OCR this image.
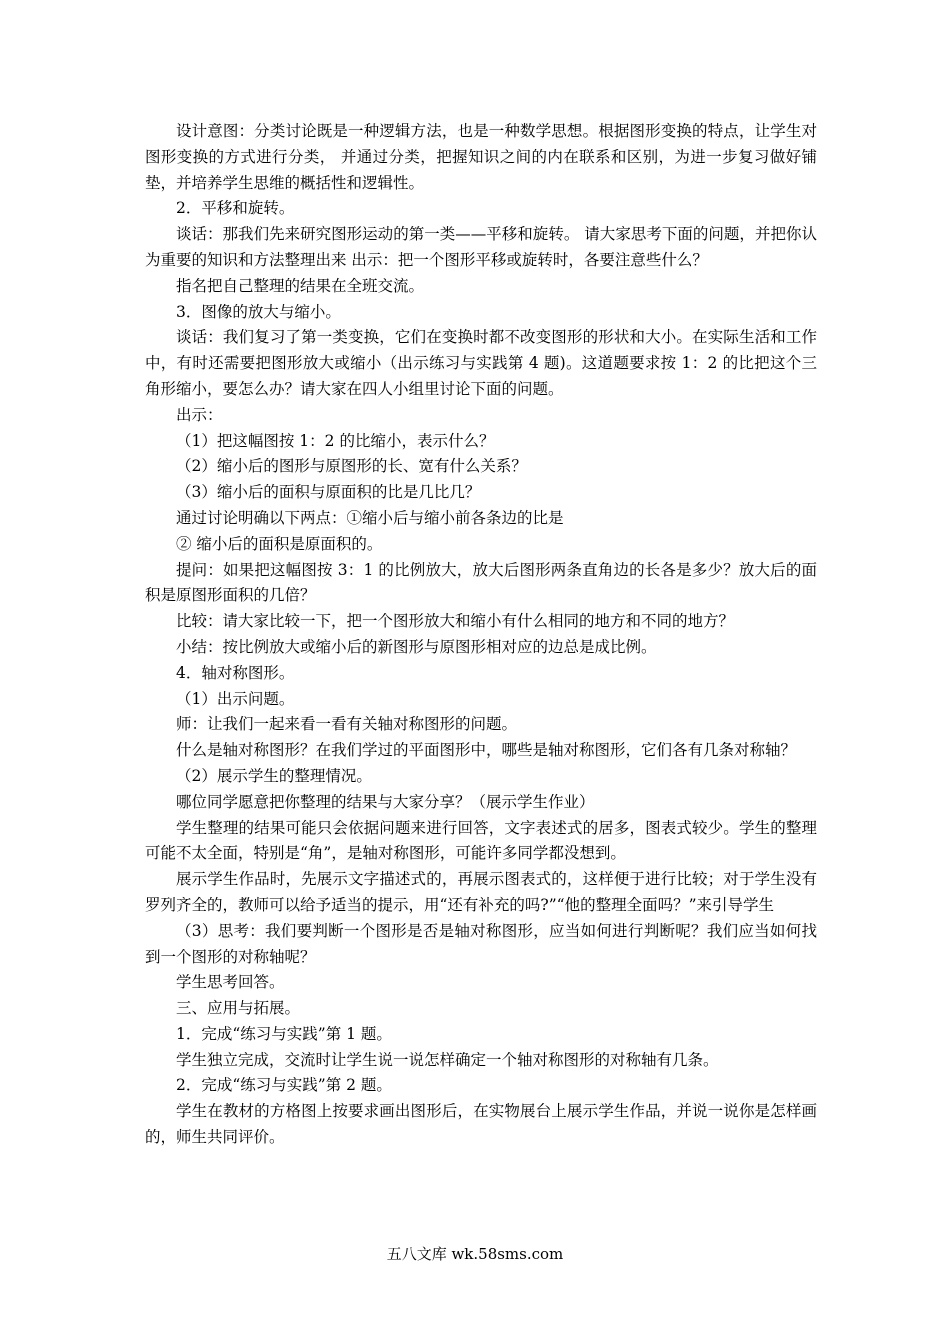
设计意图：分类讨论既是一种逻辑方法，也是一种数学思想。根据图形变换的特点，让学生对图形变换的方式进行分类， 并通过分类，把握知识之间的内在联系和区别，为进一步复习做好铺垫，并培养学生思维的概括性和逻辑性。

2．平移和旋转。

谈话：那我们先来研究图形运动的第一类——平移和旋转。 请大家思考下面的问题，并把你认为重要的知识和方法整理出来 出示：把一个图形平移或旋转时，各要注意些什么？

指名把自己整理的结果在全班交流。

3．图像的放大与缩小。

谈话：我们复习了第一类变换，它们在变换时都不改变图形的形状和大小。在实际生活和工作中，有时还需要把图形放大或缩小（出示练习与实践第 4 题)。这道题要求按 1：2 的比把这个三角形缩小，要怎么办？请大家在四人小组里讨论下面的问题。

出示：

（1）把这幅图按 1：2 的比缩小，表示什么？

（2）缩小后的图形与原图形的长、宽有什么关系？

（3）缩小后的面积与原面积的比是几比几？

通过讨论明确以下两点：①缩小后与缩小前各条边的比是

② 缩小后的面积是原面积的。

提问：如果把这幅图按 3：1 的比例放大，放大后图形两条直角边的长各是多少？放大后的面积是原图形面积的几倍？

比较：请大家比较一下，把一个图形放大和缩小有什么相同的地方和不同的地方？

小结：按比例放大或缩小后的新图形与原图形相对应的边总是成比例。

4．轴对称图形。

（1）出示问题。

师：让我们一起来看一看有关轴对称图形的问题。

什么是轴对称图形？在我们学过的平面图形中，哪些是轴对称图形，它们各有几条对称轴？

（2）展示学生的整理情况。

哪位同学愿意把你整理的结果与大家分享？（展示学生作业）

学生整理的结果可能只会依据问题来进行回答，文字表述式的居多，图表式较少。学生的整理可能不太全面，特别是“角”，是轴对称图形，可能许多同学都没想到。

展示学生作品时，先展示文字描述式的，再展示图表式的，这样便于进行比较；对于学生没有罗列齐全的，教师可以给予适当的提示，用“还有补充的吗?”“他的整理全面吗？”来引导学生

（3）思考：我们要判断一个图形是否是轴对称图形，应当如何进行判断呢？我们应当如何找到一个图形的对称轴呢？

学生思考回答。

三、应用与拓展。

1．完成“练习与实践”第 1 题。

学生独立完成，交流时让学生说一说怎样确定一个轴对称图形的对称轴有几条。

2．完成“练习与实践”第 2 题。

学生在教材的方格图上按要求画出图形后，在实物展台上展示学生作品，并说一说你是怎样画的，师生共同评价。

五八文库 wk.58sms.com
